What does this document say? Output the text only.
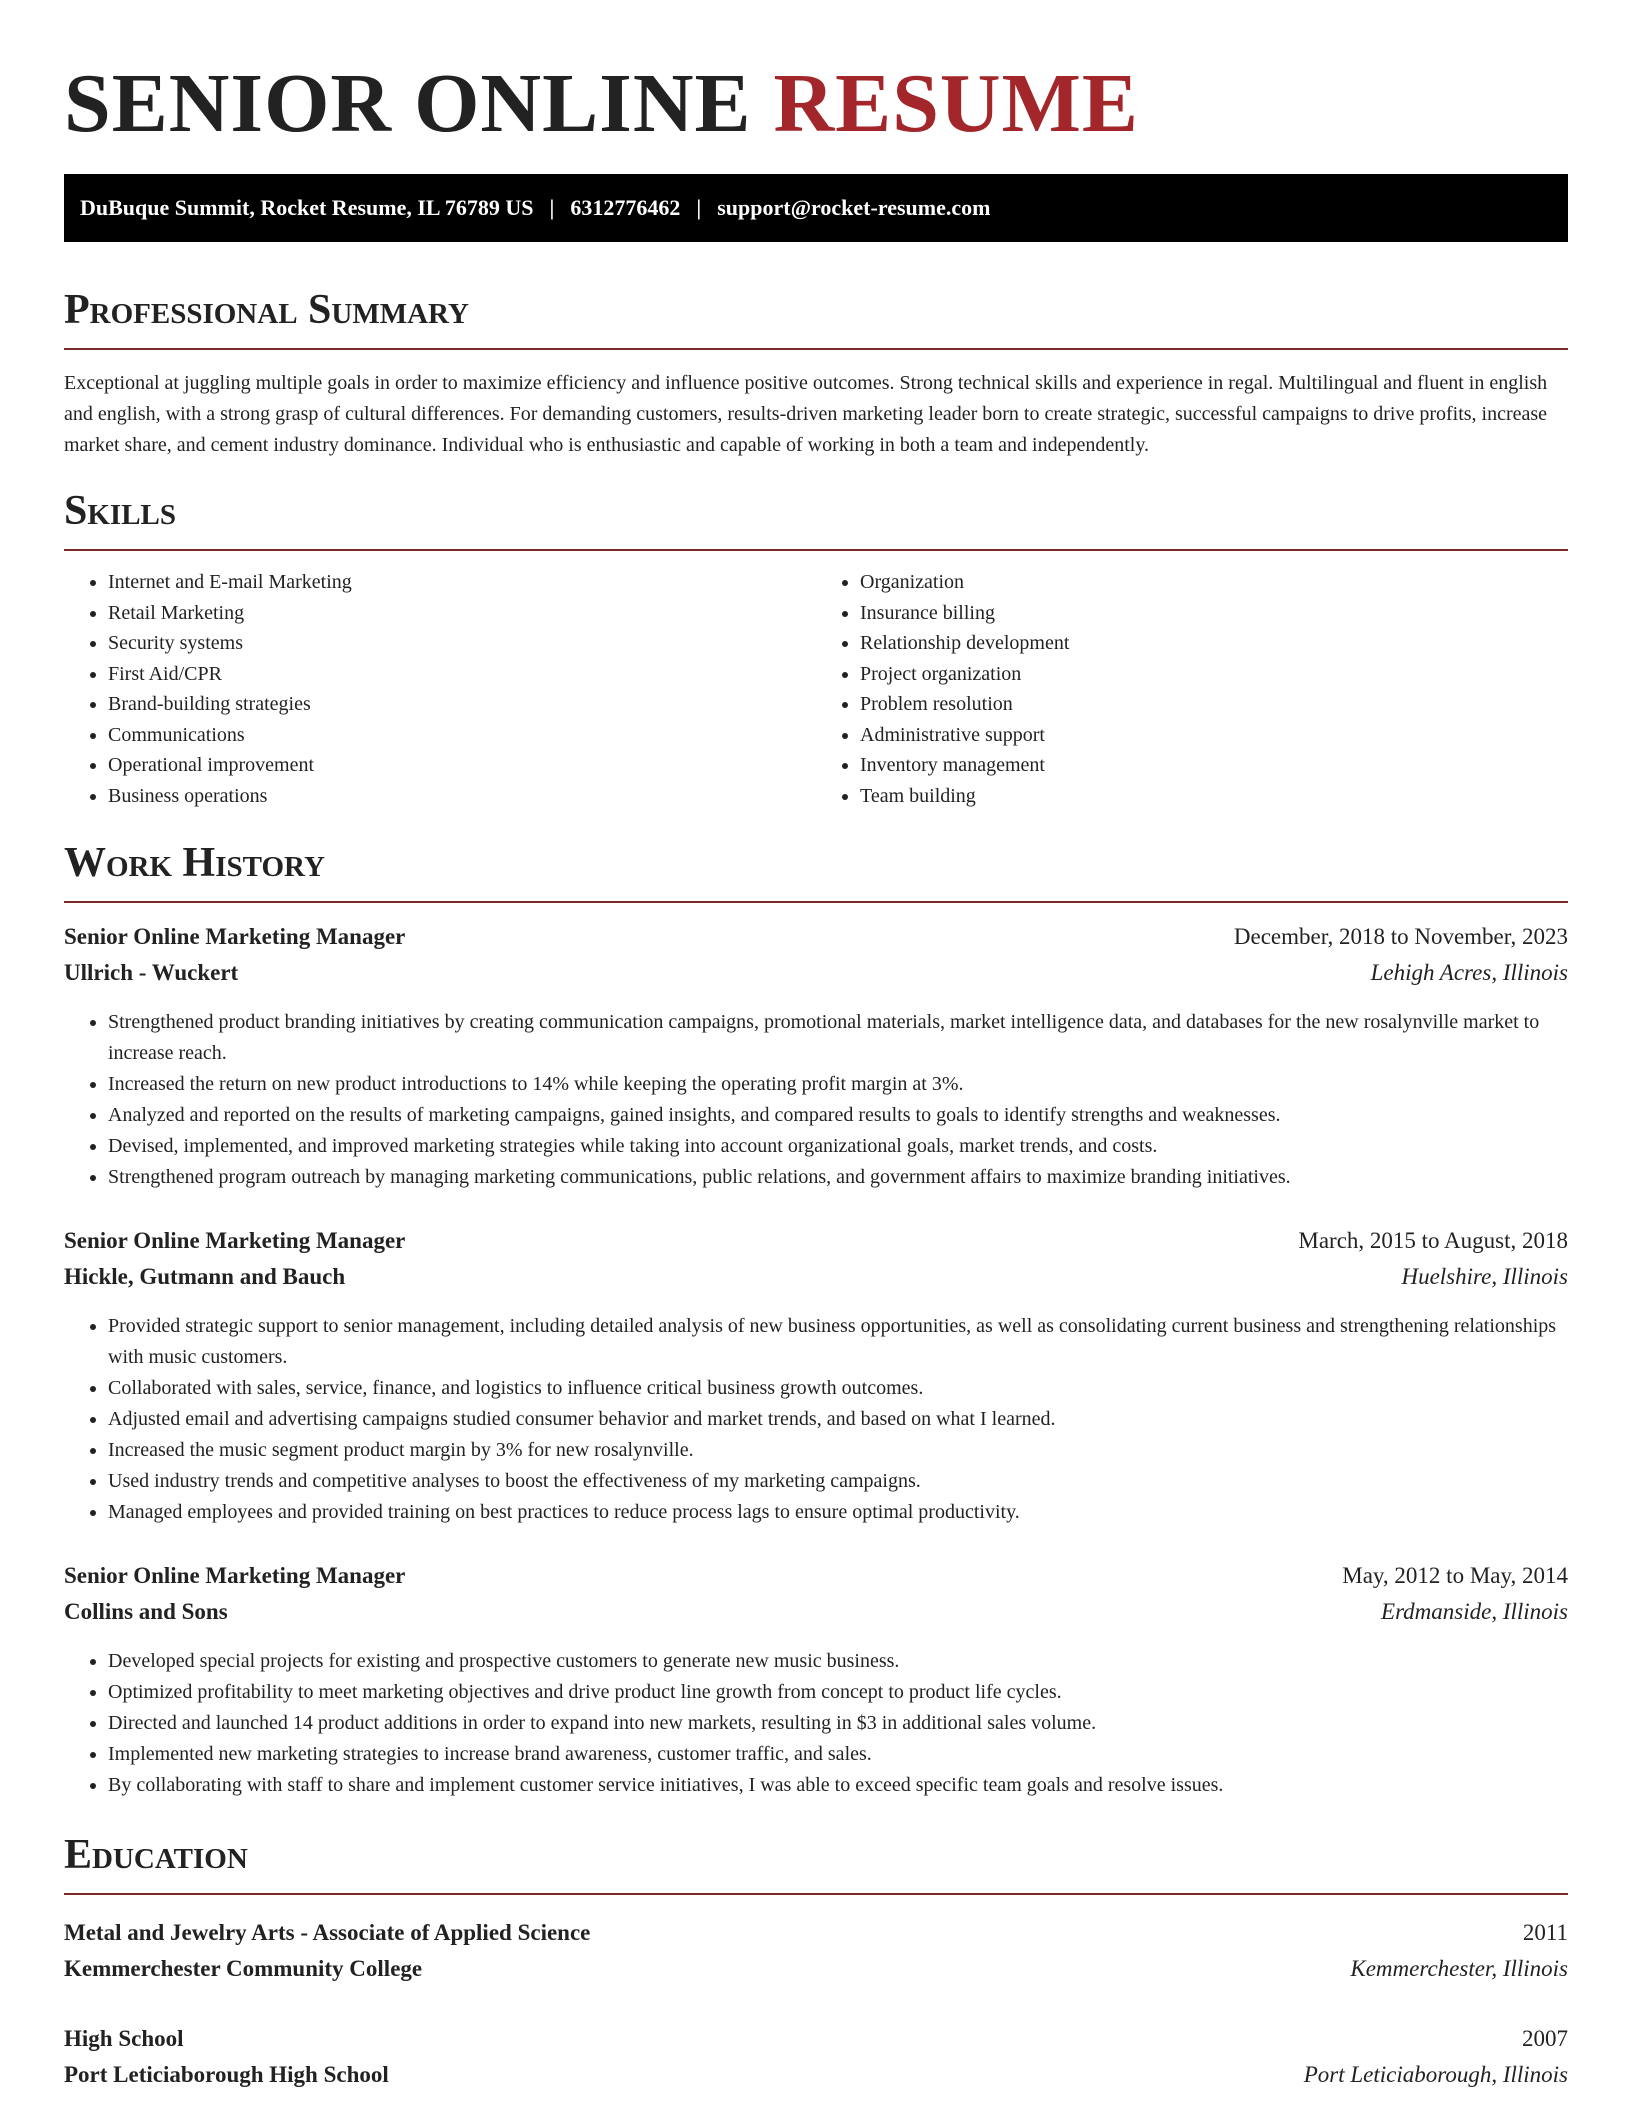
SENIOR ONLINE RESUME
DuBuque Summit, Rocket Resume, IL 76789 US | 6312776462 | support@rocket-resume.com
Professional Summary

Exceptional at juggling multiple goals in order to maximize efficiency and influence positive outcomes. Strong technical skills and experience in regal. Multilingual and fluent in english and english, with a strong grasp of cultural differences. For demanding customers, results-driven marketing leader born to create strategic, successful campaigns to drive profits, increase market share, and cement industry dominance. Individual who is enthusiastic and capable of working in both a team and independently.

Skills
• Internet and E-mail Marketing
• Retail Marketing
• Security systems
• First Aid/CPR
• Brand-building strategies
• Communications
• Operational improvement
• Business operations
• Organization
• Insurance billing
• Relationship development
• Project organization
• Problem resolution
• Administrative support
• Inventory management
• Team building
Work History
Senior Online Marketing Manager	December, 2018 to November, 2023
Ullrich - Wuckert	Lehigh Acres, Illinois
• Strengthened product branding initiatives by creating communication campaigns, promotional materials, market intelligence data, and databases for the new rosalynville market to increase reach.
• Increased the return on new product introductions to 14% while keeping the operating profit margin at 3%.
• Analyzed and reported on the results of marketing campaigns, gained insights, and compared results to goals to identify strengths and weaknesses.
• Devised, implemented, and improved marketing strategies while taking into account organizational goals, market trends, and costs.
• Strengthened program outreach by managing marketing communications, public relations, and government affairs to maximize branding initiatives.
Senior Online Marketing Manager	March, 2015 to August, 2018
Hickle, Gutmann and Bauch	Huelshire, Illinois
• Provided strategic support to senior management, including detailed analysis of new business opportunities, as well as consolidating current business and strengthening relationships with music customers.
• Collaborated with sales, service, finance, and logistics to influence critical business growth outcomes.
• Adjusted email and advertising campaigns studied consumer behavior and market trends, and based on what I learned.
• Increased the music segment product margin by 3% for new rosalynville.
• Used industry trends and competitive analyses to boost the effectiveness of my marketing campaigns.
• Managed employees and provided training on best practices to reduce process lags to ensure optimal productivity.
Senior Online Marketing Manager	May, 2012 to May, 2014
Collins and Sons	Erdmanside, Illinois
• Developed special projects for existing and prospective customers to generate new music business.
• Optimized profitability to meet marketing objectives and drive product line growth from concept to product life cycles.
• Directed and launched 14 product additions in order to expand into new markets, resulting in $3 in additional sales volume.
• Implemented new marketing strategies to increase brand awareness, customer traffic, and sales.
• By collaborating with staff to share and implement customer service initiatives, I was able to exceed specific team goals and resolve issues.
Education
Metal and Jewelry Arts - Associate of Applied Science	2011
Kemmerchester Community College	Kemmerchester, Illinois
High School	2007
Port Leticiaborough High School	Port Leticiaborough, Illinois
